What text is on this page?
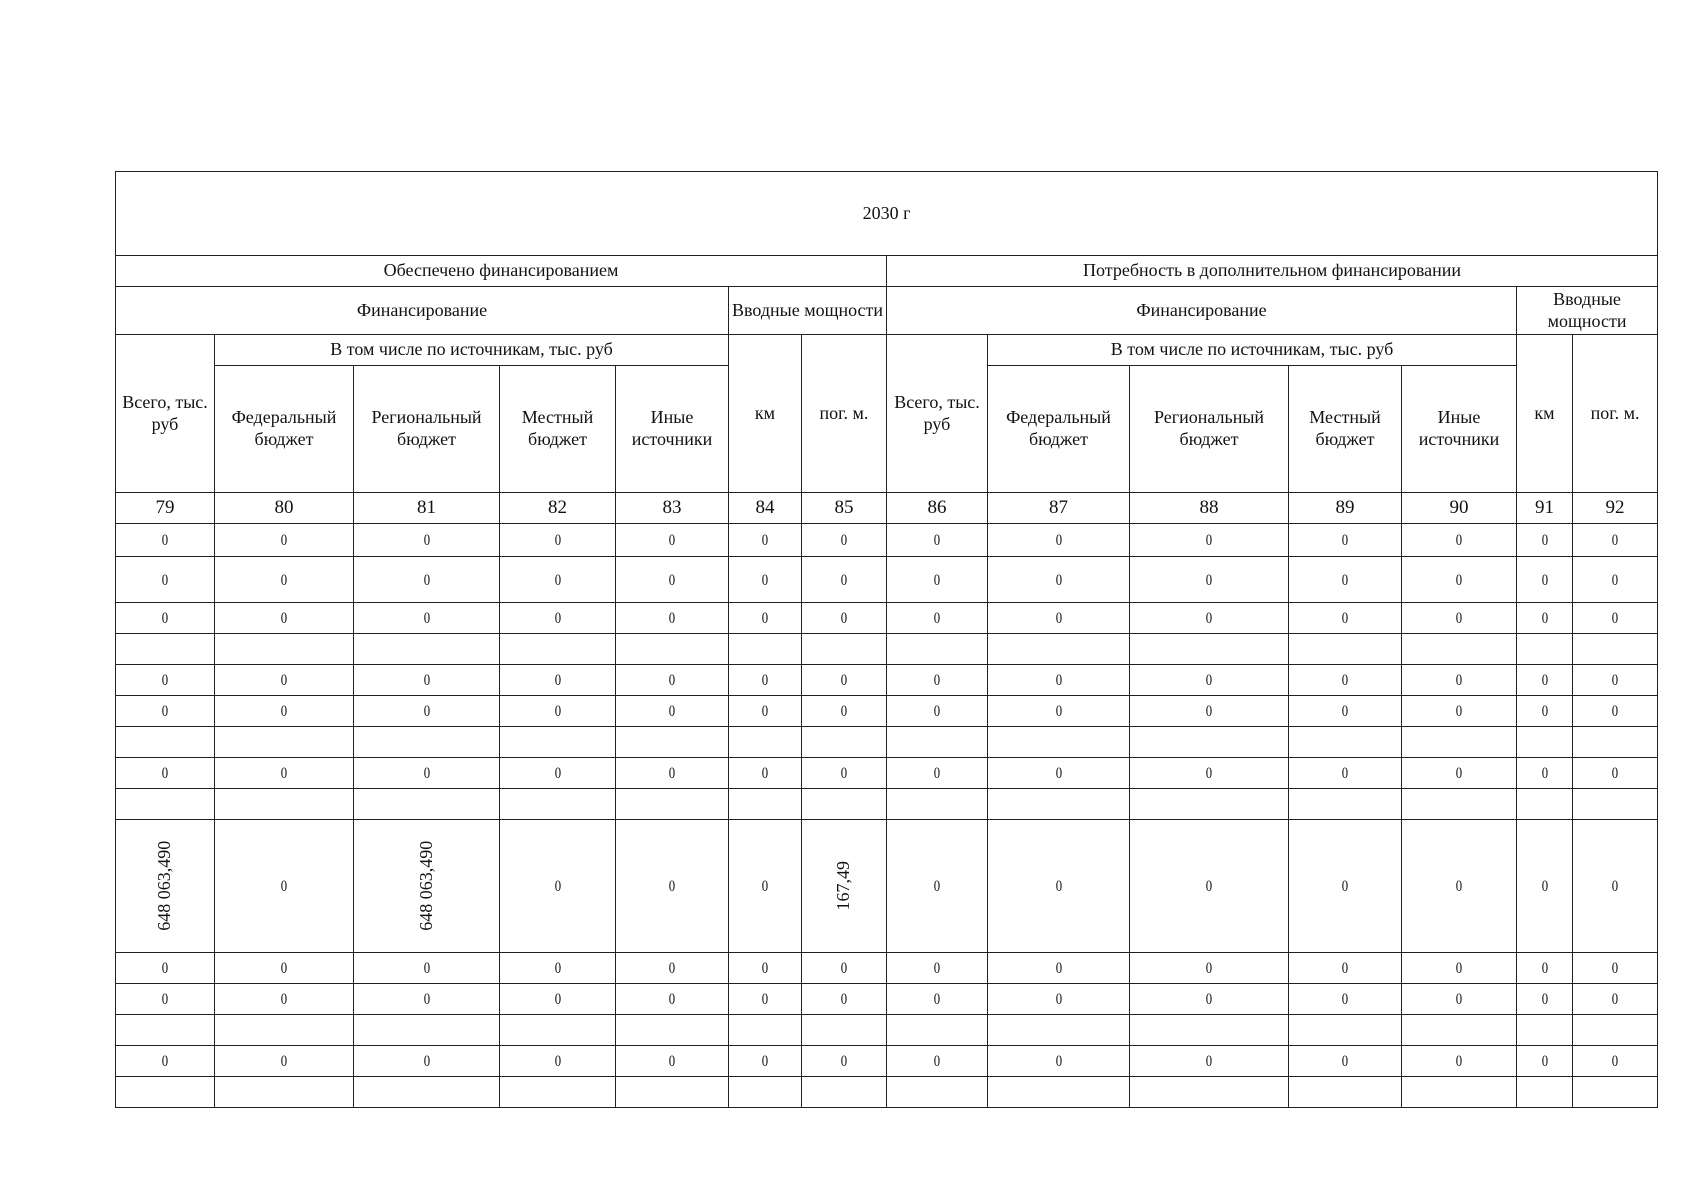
2030 г													
Обеспечено финансированием							Потребность в дополнительном финансировании						
Финансирование					Вводные мощности		Финансирование					Вводные мощности	
Всего, тыс. руб	В том числе по источникам, тыс. руб				км	пог. м.	Всего, тыс. руб	В том числе по источникам, тыс. руб				км	пог. м.
	Федеральный бюджет	Региональный бюджет	Местный бюджет	Иные источники				Федеральный бюджет	Региональный бюджет	Местный бюджет	Иные источники		
79	80	81	82	83	84	85	86	87	88	89	90	91	92
0	0	0	0	0	0	0	0	0	0	0	0	0	0
0	0	0	0	0	0	0	0	0	0	0	0	0	0
0	0	0	0	0	0	0	0	0	0	0	0	0	0

0	0	0	0	0	0	0	0	0	0	0	0	0	0
0	0	0	0	0	0	0	0	0	0	0	0	0	0

0	0	0	0	0	0	0	0	0	0	0	0	0	0

648 063,490	0	648 063,490	0	0	0	167,49	0	0	0	0	0	0	0
0	0	0	0	0	0	0	0	0	0	0	0	0	0
0	0	0	0	0	0	0	0	0	0	0	0	0	0

0	0	0	0	0	0	0	0	0	0	0	0	0	0
